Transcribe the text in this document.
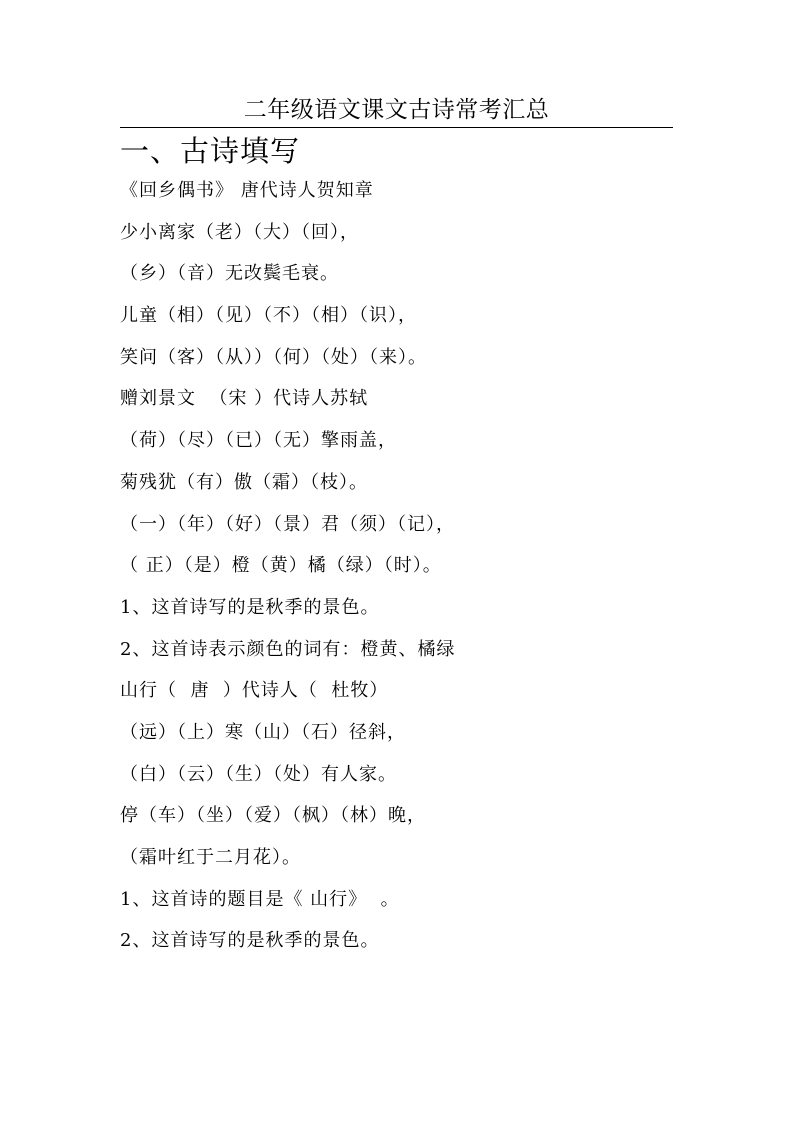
二年级语文课文古诗常考汇总
一、古诗填写
《回乡偶书》 唐代诗人贺知章
少小离家（老）（大）（回），
（乡）（音）无改鬓毛衰。
儿童（相）（见）（不）（相）（识），
笑问（客）（从））（何）（处）（来）。
赠刘景文  （宋 ）代诗人苏轼
（荷）（尽）（已）（无）擎雨盖，
菊残犹（有）傲（霜）（枝）。
（一）（年）（好）（景）君（须）（记），
（ 正）（是）橙（黄）橘（绿）（时）。
1、这首诗写的是秋季的景色。
2、这首诗表示颜色的词有：橙黄、橘绿
山行（  唐  ）代诗人（  杜牧）
（远）（上）寒（山）（石）径斜，
（白）（云）（生）（处）有人家。
停（车）（坐）（爱）（枫）（林）晚，
（霜叶红于二月花）。
1、这首诗的题目是《 山行》  。
2、这首诗写的是秋季的景色。
